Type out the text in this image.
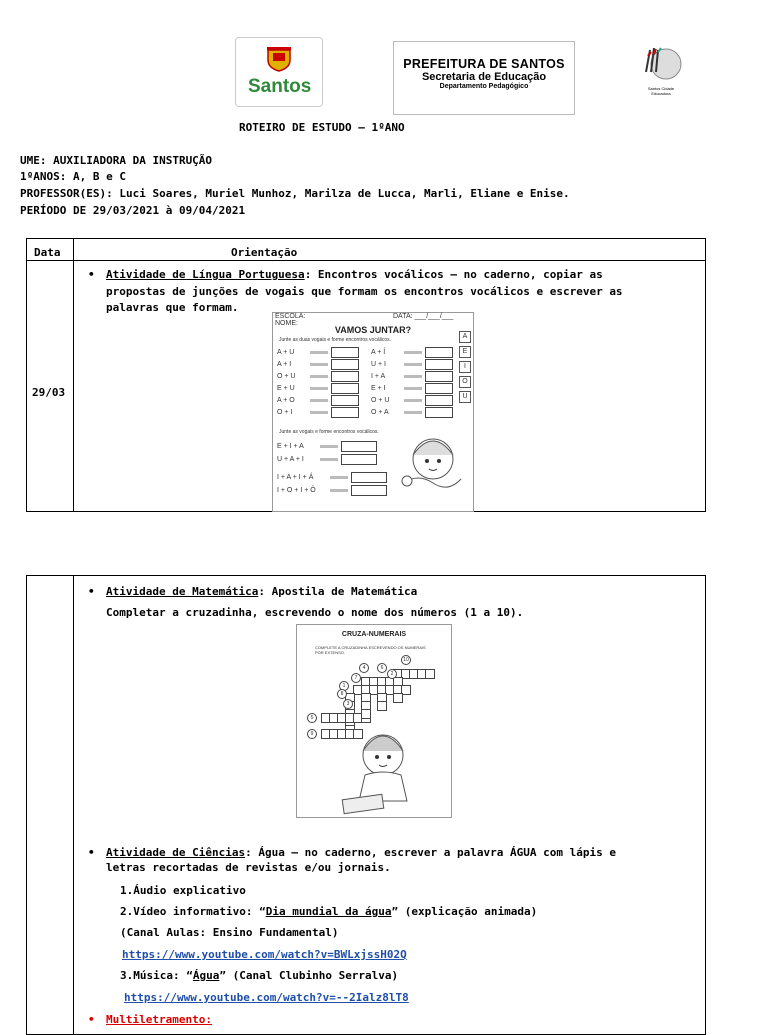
Santos
PREFEITURA DE SANTOS
Secretaria de Educação
Departamento Pedagógico	Santos Cidade Educadora
ROTEIRO DE ESTUDO – 1ºANO
UME: AUXILIADORA DA INSTRUÇÃO
1ºANOS: A, B e C
PROFESSOR(ES): Luci Soares, Muriel Munhoz, Marilza de Lucca, Marli, Eliane e Enise.
PERÍODO DE 29/03/2021 à 09/04/2021

Data	Orientação
29/03
• Atividade de Língua Portuguesa: Encontros vocálicos – no caderno, copiar as
propostas de junções de vogais que formam os encontros vocálicos e escrever as
palavras que formam.
ESCOLA:	DATA: ___/___/___
NOME:
VAMOS JUNTAR?
Junte as duas vogais e forme encontros vocálicos.
A + U
A + I
O + U
E + U
A + O
O + I
A + Í
U + I
I + A
E + I
O + U
O + A
A
E
I
O
U
Junte as vogais e forme encontros vocálicos.
E + I + A
U + A + I
I + A + I + Á
I + O + I + Ô

• Atividade de Matemática: Apostila de Matemática
Completar a cruzadinha, escrevendo o nome dos números (1 a 10).
CRUZA-NUMERAIS
COMPLETE A CRUZADINHA ESCREVENDO OS NUMERAIS POR EXTENSO.
4	6
10
2
7
1
8
3
5
9
• Atividade de Ciências: Água – no caderno, escrever a palavra ÁGUA com lápis e
letras recortadas de revistas e/ou jornais.
1.Áudio explicativo
2.Vídeo informativo: “Dia mundial da água” (explicação animada)
(Canal Aulas: Ensino Fundamental)
https://www.youtube.com/watch?v=BWLxjssH02Q
3.Música: “Água” (Canal Clubinho Serralva)
https://www.youtube.com/watch?v=--2Ialz8lT8
• Multiletramento:
